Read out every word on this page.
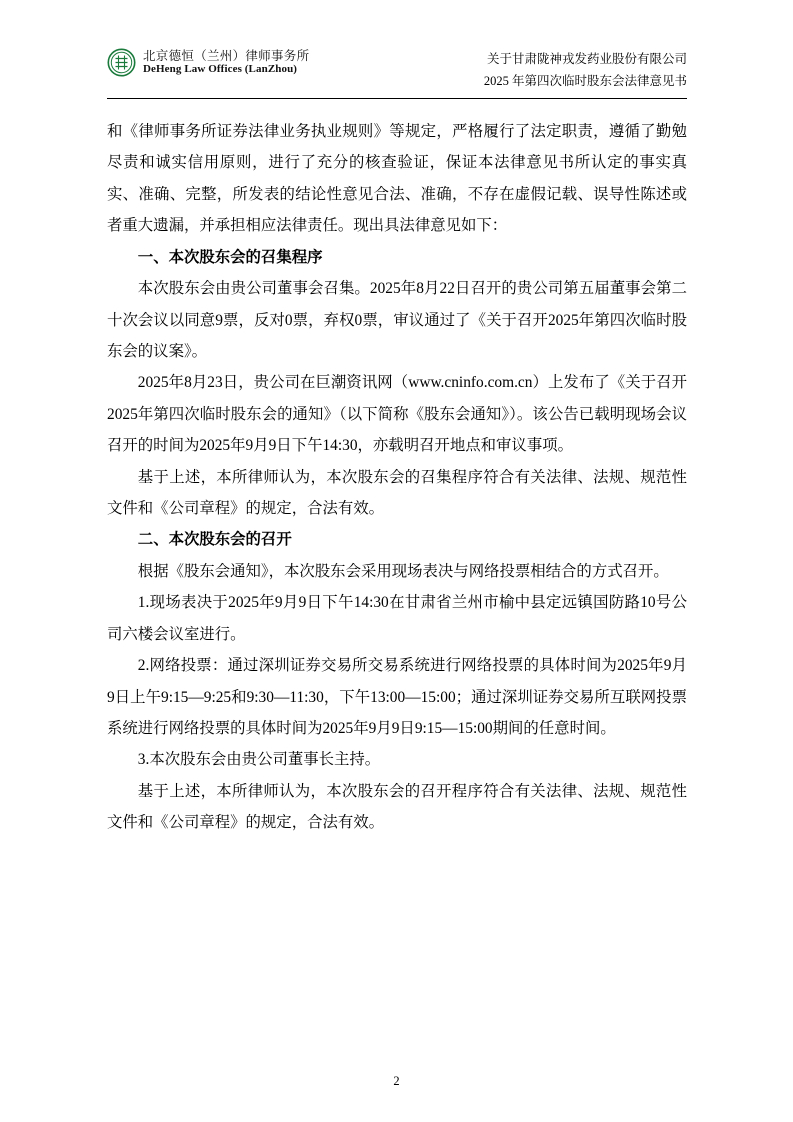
北京德恒（兰州）律师事务所
DeHeng Law Offices (LanZhou)
关于甘肃陇神戎发药业股份有限公司
2025 年第四次临时股东会法律意见书

和《律师事务所证券法律业务执业规则》等规定，严格履行了法定职责，遵循了勤勉尽责和诚实信用原则，进行了充分的核查验证，保证本法律意见书所认定的事实真实、准确、完整，所发表的结论性意见合法、准确，不存在虚假记载、误导性陈述或者重大遗漏，并承担相应法律责任。现出具法律意见如下：

一、本次股东会的召集程序

本次股东会由贵公司董事会召集。2025年8月22日召开的贵公司第五届董事会第二十次会议以同意9票，反对0票，弃权0票，审议通过了《关于召开2025年第四次临时股东会的议案》。

2025年8月23日，贵公司在巨潮资讯网（www.cninfo.com.cn）上发布了《关于召开2025年第四次临时股东会的通知》（以下简称《股东会通知》）。该公告已载明现场会议召开的时间为2025年9月9日下午14:30，亦载明召开地点和审议事项。

基于上述，本所律师认为，本次股东会的召集程序符合有关法律、法规、规范性文件和《公司章程》的规定，合法有效。

二、本次股东会的召开

根据《股东会通知》，本次股东会采用现场表决与网络投票相结合的方式召开。

1.现场表决于2025年9月9日下午14:30在甘肃省兰州市榆中县定远镇国防路10号公司六楼会议室进行。

2.网络投票：通过深圳证券交易所交易系统进行网络投票的具体时间为2025年9月9日上午9:15—9:25和9:30—11:30，下午13:00—15:00；通过深圳证券交易所互联网投票系统进行网络投票的具体时间为2025年9月9日9:15—15:00期间的任意时间。

3.本次股东会由贵公司董事长主持。

基于上述，本所律师认为，本次股东会的召开程序符合有关法律、法规、规范性文件和《公司章程》的规定，合法有效。

2
